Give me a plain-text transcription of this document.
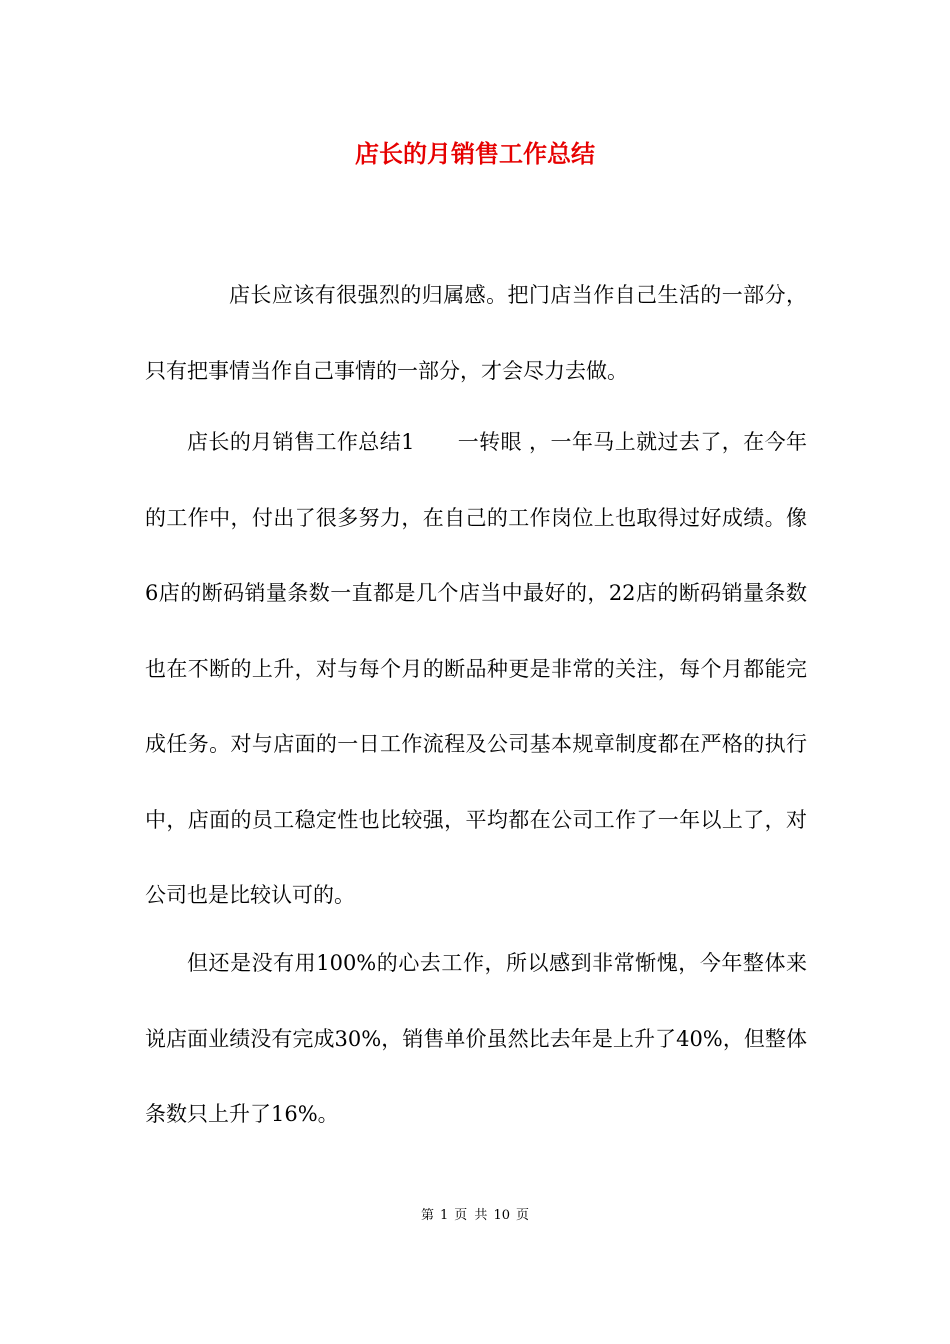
店长的月销售工作总结

店长应该有很强烈的归属感。把门店当作自己生活的一部分，只有把事情当作自己事情的一部分，才会尽力去做。

店长的月销售工作总结1　　一转眼 ，一年马上就过去了，在今年的工作中，付出了很多努力，在自己的工作岗位上也取得过好成绩。像6店的断码销量条数一直都是几个店当中最好的，22店的断码销量条数也在不断的上升，对与每个月的断品种更是非常的关注，每个月都能完成任务。对与店面的一日工作流程及公司基本规章制度都在严格的执行中，店面的员工稳定性也比较强，平均都在公司工作了一年以上了，对公司也是比较认可的。

但还是没有用100%的心去工作，所以感到非常惭愧，今年整体来说店面业绩没有完成30%，销售单价虽然比去年是上升了40%，但整体条数只上升了16%。

第 1 页 共 10 页
